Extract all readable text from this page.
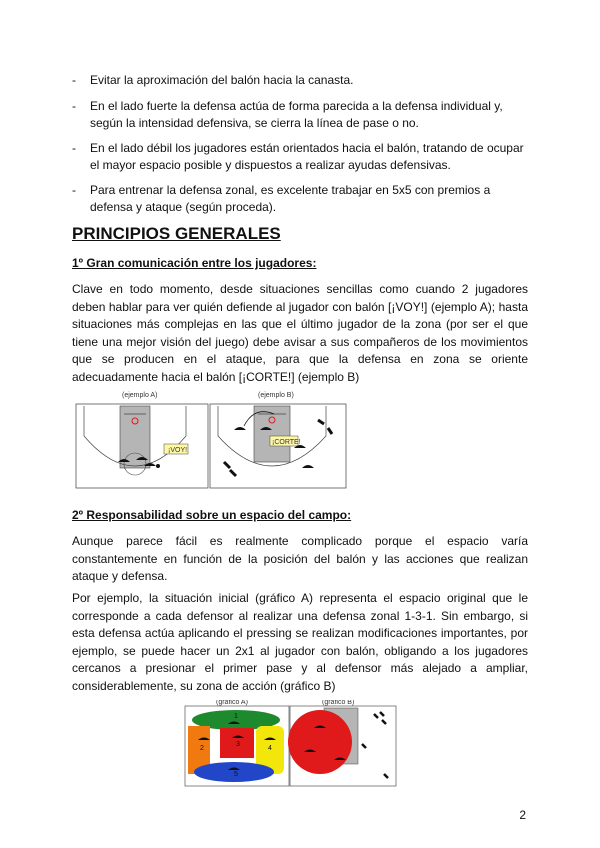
- Evitar la aproximación del balón hacia la canasta.
- En el lado fuerte la defensa actúa de forma parecida a la defensa individual y, según la intensidad defensiva, se cierra la línea de pase o no.
- En el lado débil los jugadores están orientados hacia el balón, tratando de ocupar el mayor espacio posible y dispuestos a realizar ayudas defensivas.
- Para entrenar la defensa zonal, es excelente trabajar en 5x5 con premios a defensa y ataque (según proceda).
PRINCIPIOS GENERALES
1º Gran comunicación entre los jugadores:
Clave en todo momento, desde situaciones sencillas como cuando 2 jugadores deben hablar para ver quién defiende al jugador con balón [¡VOY!] (ejemplo A); hasta situaciones más complejas en las que el último jugador de la zona (por ser el que tiene una mejor visión del juego) debe avisar a sus compañeros de los movimientos que se producen en el ataque, para que la defensa en zona se oriente adecuadamente hacia el balón [¡CORTE!] (ejemplo B)
¡VOY!
(ejemplo A)
¡CORTE!
(ejemplo B)
2º Responsabilidad sobre un espacio del campo:
Aunque parece fácil es realmente complicado porque el espacio varía constantemente en función de la posición del balón y las acciones que realizan ataque y defensa.
Por ejemplo, la situación inicial (gráfico A) representa el espacio original que le corresponde a cada defensor al realizar una defensa zonal 1-3-1. Sin embargo, si esta defensa actúa aplicando el pressing se realizan modificaciones importantes, por ejemplo, se puede hacer un 2x1 al jugador con balón, obligando a los jugadores cercanos a presionar el primer pase y al defensor más alejado a ampliar, considerablemente, su zona de acción (gráfico B)
1
2
3
4
5
(gráfico A)	(gráfico B)
2
